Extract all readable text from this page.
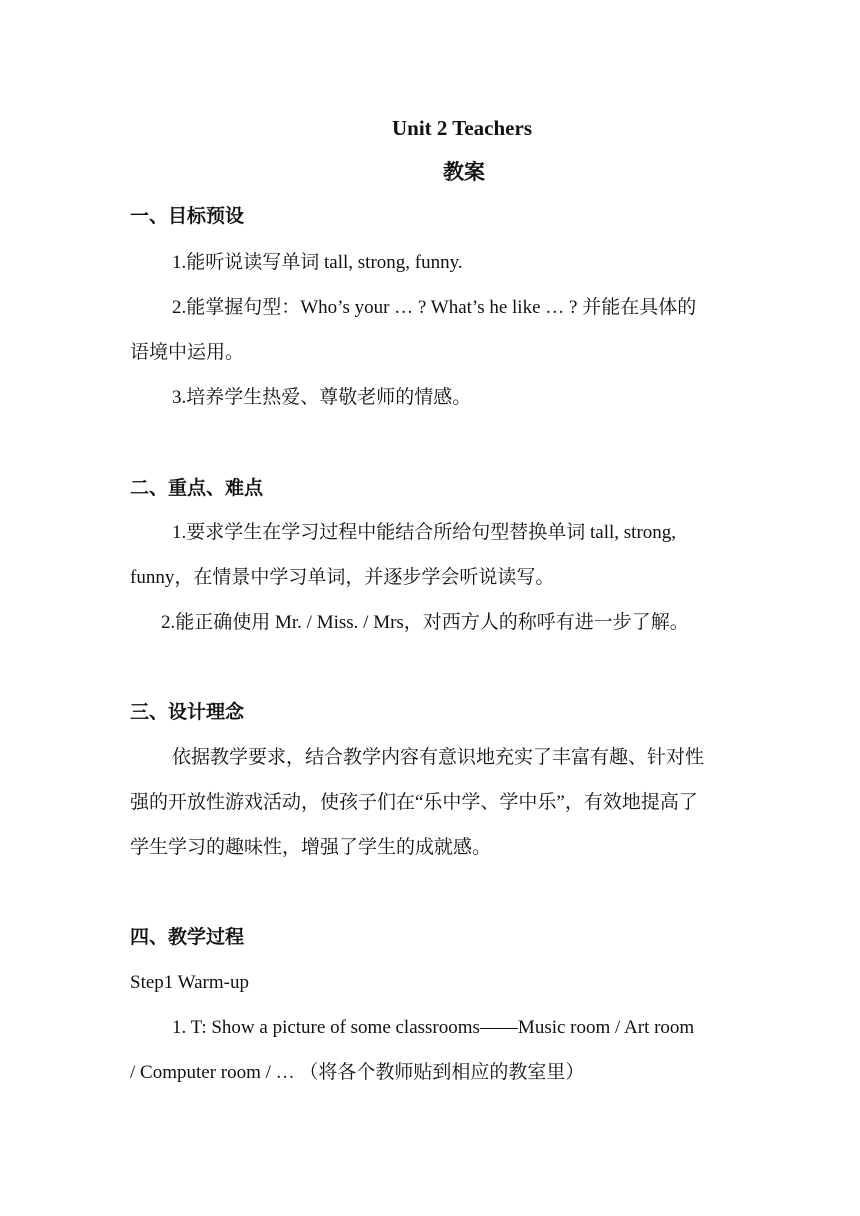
Unit 2 Teachers
教案
一、目标预设
1.能听说读写单词 tall, strong, funny.
2.能掌握句型：Who’s your … ? What’s he like … ? 并能在具体的
语境中运用。
3.培养学生热爱、尊敬老师的情感。
二、重点、难点
1.要求学生在学习过程中能结合所给句型替换单词 tall, strong,
funny，在情景中学习单词，并逐步学会听说读写。
2.能正确使用 Mr. / Miss. / Mrs，对西方人的称呼有进一步了解。
三、设计理念
依据教学要求，结合教学内容有意识地充实了丰富有趣、针对性
强的开放性游戏活动，使孩子们在“乐中学、学中乐”，有效地提高了
学生学习的趣味性，增强了学生的成就感。
四、教学过程
Step1 Warm-up
1. T: Show a picture of some classrooms——Music room / Art room
/ Computer room / … （将各个教师贴到相应的教室里）
